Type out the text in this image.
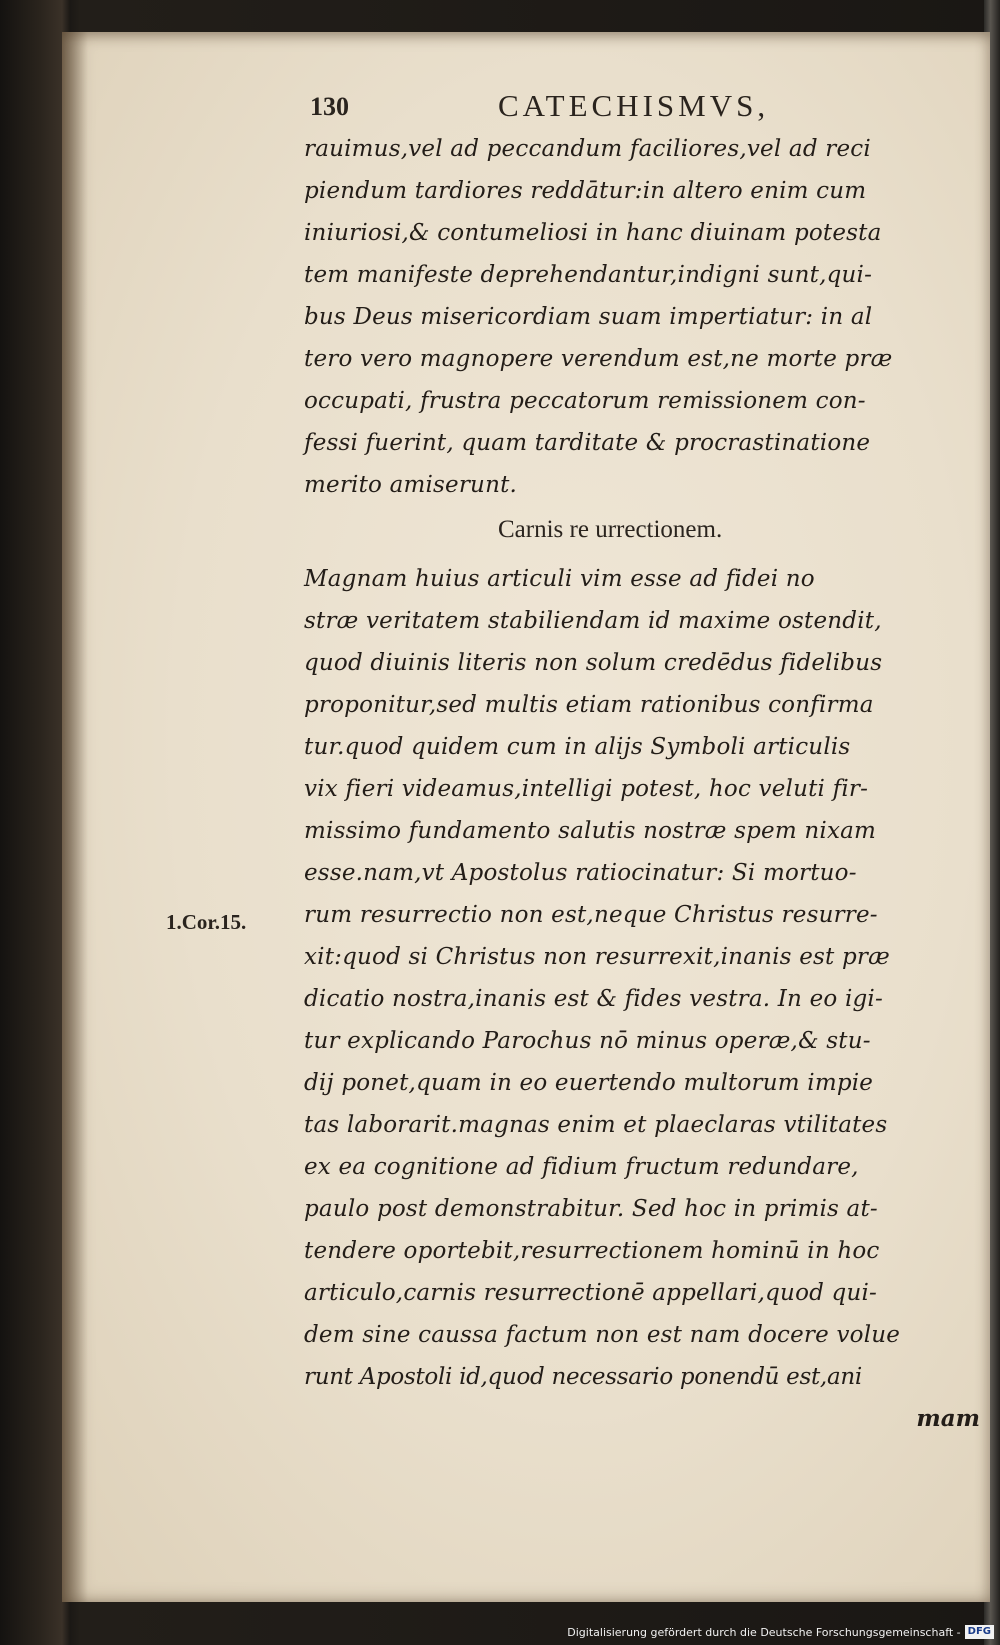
130	CATECHISMVS,
rauimus,vel ad peccandum faciliores,vel ad reci
piendum tardiores reddātur:in altero enim cum
iniuriosi,& contumeliosi in hanc diuinam potesta
tem manifeste deprehendantur,indigni sunt,qui-
bus Deus misericordiam suam impertiatur: in al
tero vero magnopere verendum est,ne morte præ
occupati, frustra peccatorum remissionem con-
fessi fuerint, quam tarditate & procrastinatione
merito amiserunt.
Carnis re urrectionem.
Magnam huius articuli vim esse ad fidei no
stræ veritatem stabiliendam id maxime ostendit,
quod diuinis literis non solum credēdus fidelibus
proponitur,sed multis etiam rationibus confirma
tur.quod quidem cum in alijs Symboli articulis
vix fieri videamus,intelligi potest, hoc veluti fir-
missimo fundamento salutis nostræ spem nixam
esse.nam,vt Apostolus ratiocinatur: Si mortuo-
rum resurrectio non est,neque Christus resurre-
xit:quod si Christus non resurrexit,inanis est præ
dicatio nostra,inanis est & fides vestra. In eo igi-
tur explicando Parochus nō minus operæ,& stu-
dij ponet,quam in eo euertendo multorum impie
tas laborarit.magnas enim et plaeclaras vtilitates
ex ea cognitione ad fidium fructum redundare,
paulo post demonstrabitur. Sed hoc in primis at-
tendere oportebit,resurrectionem hominū in hoc
articulo,carnis resurrectionē appellari,quod qui-
dem sine caussa factum non est nam docere volue
runt Apostoli id,quod necessario ponendū est,ani
mam
1.Cor.15.
Digitalisierung gefördert durch die Deutsche Forschungsgemeinschaft - DFG
